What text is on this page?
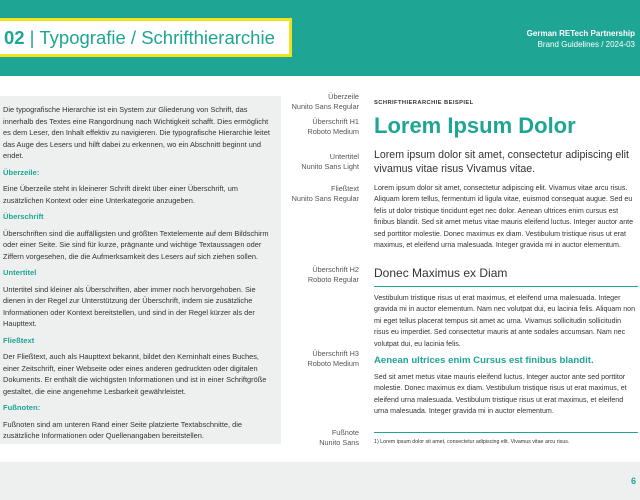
02 | Typografie / Schrifthierarchie	German RETech Partnership
Brand Guidelines / 2024-03

Die typografische Hierarchie ist ein System zur Gliederung von Schrift, das innerhalb des Textes eine Rangordnung nach Wichtigkeit schafft. Dies ermöglicht es dem Leser, den Inhalt effektiv zu navigieren. Die typografische Hierarchie leitet das Auge des Lesers und hilft dabei zu erkennen, wo ein Abschnitt beginnt und endet.

Überzeile:

Eine Überzeile steht in kleinerer Schrift direkt über einer Überschrift, um zusätzlichen Kontext oder eine Unterkategorie anzugeben.

Überschrift

Überschriften sind die auffälligsten und größten Textelemente auf dem Bildschirm oder einer Seite. Sie sind für kurze, prägnante und wichtige Textaussagen oder Ziffern vorgesehen, die die Aufmerksamkeit des Lesers auf sich ziehen sollen.

Untertitel

Untertitel sind kleiner als Überschriften, aber immer noch hervorgehoben. Sie dienen in der Regel zur Unterstützung der Überschrift, indem sie zusätzliche Informationen oder Kontext bereitstellen, und sind in der Regel kürzer als der Haupttext.

Fließtext

Der Fließtext, auch als Haupttext bekannt, bildet den Kerninhalt eines Buches, einer Zeitschrift, einer Webseite oder eines anderen gedruckten oder digitalen Dokuments. Er enthält die wichtigsten Informationen und ist in einer Schriftgröße gestaltet, die eine angenehme Lesbarkeit gewährleistet.

Fußnoten:

Fußnoten sind am unteren Rand einer Seite platzierte Textabschnitte, die zusätzliche Informationen oder Quellenangaben bereitstellen.

Überzeile
Nunito Sans Regular
Überschrift H1
Roboto Medium
Untertitel
Nunito Sans Light
Fließtext
Nunito Sans Regular
Überschrift H2
Roboto Regular
Überschrift H3
Roboto Medium
Fußnote
Nunito Sans
SCHRIFTHIERARCHIE BEISPIEL
Lorem Ipsum Dolor
Lorem ipsum dolor sit amet, consectetur adipiscing elit vivamus vitae risus Vivamus vitae.
Lorem ipsum dolor sit amet, consectetur adipiscing elit. Vivamus vitae arcu risus. Aliquam lorem tellus, fermentum id ligula vitae, euismod consequat augue. Sed eu felis ut dolor tristique tincidunt eget nec dolor. Aenean ultrices enim cursus est finibus blandit. Sed sit amet metus vitae mauris eleifend luctus. Integer auctor ante sed porttitor molestie. Donec maximus ex diam. Vestibulum tristique risus ut erat maximus, et eleifend urna malesuada. Integer gravida mi in auctor elementum.
Donec Maximus ex Diam
Vestibulum tristique risus ut erat maximus, et eleifend urna malesuada. Integer gravida mi in auctor elementum. Nam nec volutpat dui, eu lacinia felis. Aliquam non mi eget tellus placerat tempus sit amet ac urna. Vivamus sollicitudin sollicitudin risus eu imperdiet. Sed consectetur mauris at ante sodales accumsan. Nam nec volutpat dui, eu lacinia felis.
Aenean ultrices enim Cursus est finibus blandit.
Sed sit amet metus vitae mauris eleifend luctus. Integer auctor ante sed porttitor molestie. Donec maximus ex diam. Vestibulum tristique risus ut erat maximus, et eleifend urna malesuada. Vestibulum tristique risus ut erat maximus, et eleifend urna malesuada. Integer gravida mi in auctor elementum.
1) Lorem ipsum dolor sit amet, consectetur adipiscing elit. Vivamus vitae arcu risus.
6
